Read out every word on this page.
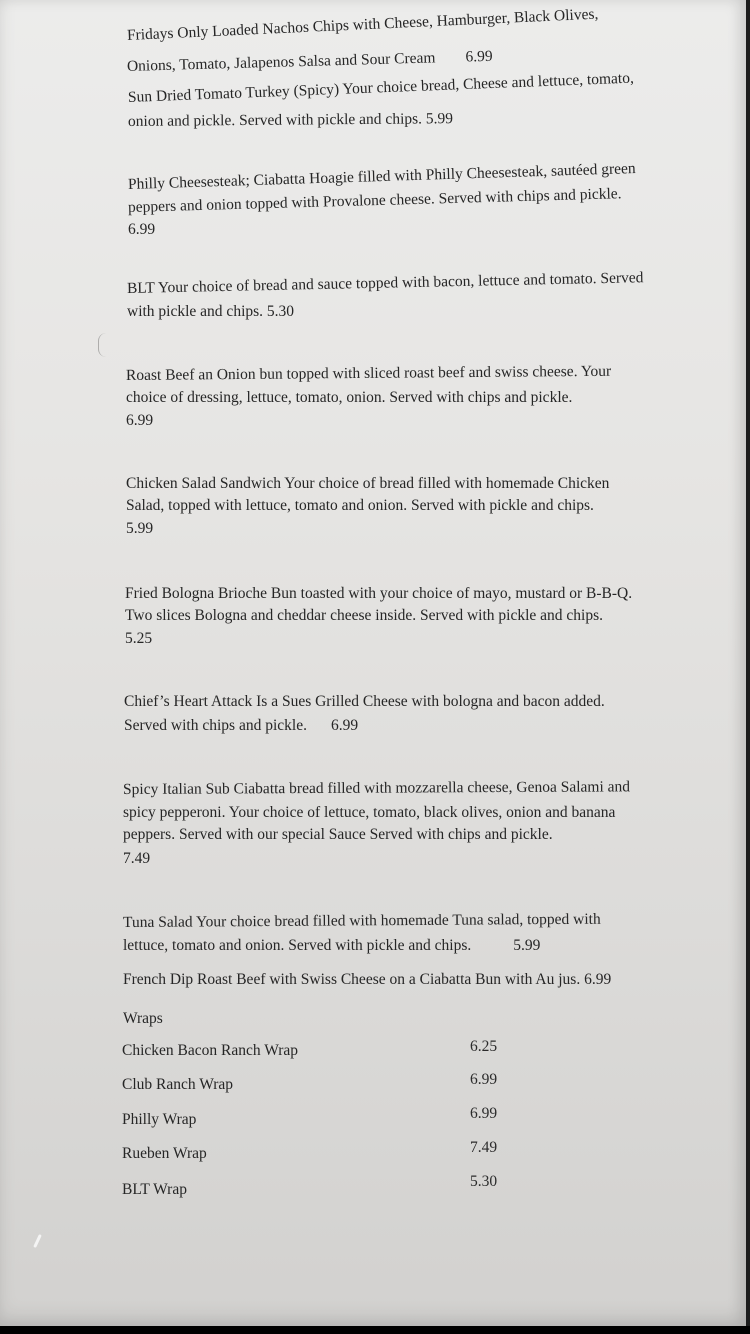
Fridays Only Loaded Nachos Chips with Cheese, Hamburger, Black Olives,
Onions, Tomato, Jalapenos Salsa and Sour Cream 6.99
Sun Dried Tomato Turkey (Spicy) Your choice bread, Cheese and lettuce, tomato,
onion and pickle. Served with pickle and chips. 5.99
Philly Cheesesteak; Ciabatta Hoagie filled with Philly Cheesesteak, sautéed green
peppers and onion topped with Provalone cheese. Served with chips and pickle.
6.99
BLT Your choice of bread and sauce topped with bacon, lettuce and tomato. Served
with pickle and chips. 5.30
Roast Beef an Onion bun topped with sliced roast beef and swiss cheese. Your
choice of dressing, lettuce, tomato, onion. Served with chips and pickle.
6.99
Chicken Salad Sandwich Your choice of bread filled with homemade Chicken
Salad, topped with lettuce, tomato and onion. Served with pickle and chips.
5.99
Fried Bologna Brioche Bun toasted with your choice of mayo, mustard or B-B-Q.
Two slices Bologna and cheddar cheese inside. Served with pickle and chips.
5.25
Chief’s Heart Attack Is a Sues Grilled Cheese with bologna and bacon added.
Served with chips and pickle. 6.99
Spicy Italian Sub Ciabatta bread filled with mozzarella cheese, Genoa Salami and
spicy pepperoni. Your choice of lettuce, tomato, black olives, onion and banana
peppers. Served with our special Sauce Served with chips and pickle.
7.49
Tuna Salad Your choice bread filled with homemade Tuna salad, topped with
lettuce, tomato and onion. Served with pickle and chips.	5.99
French Dip Roast Beef with Swiss Cheese on a Ciabatta Bun with Au jus. 6.99
Wraps
Chicken Bacon Ranch Wrap	6.25
Club Ranch Wrap	6.99
Philly Wrap	6.99
Rueben Wrap	7.49
BLT Wrap	5.30
